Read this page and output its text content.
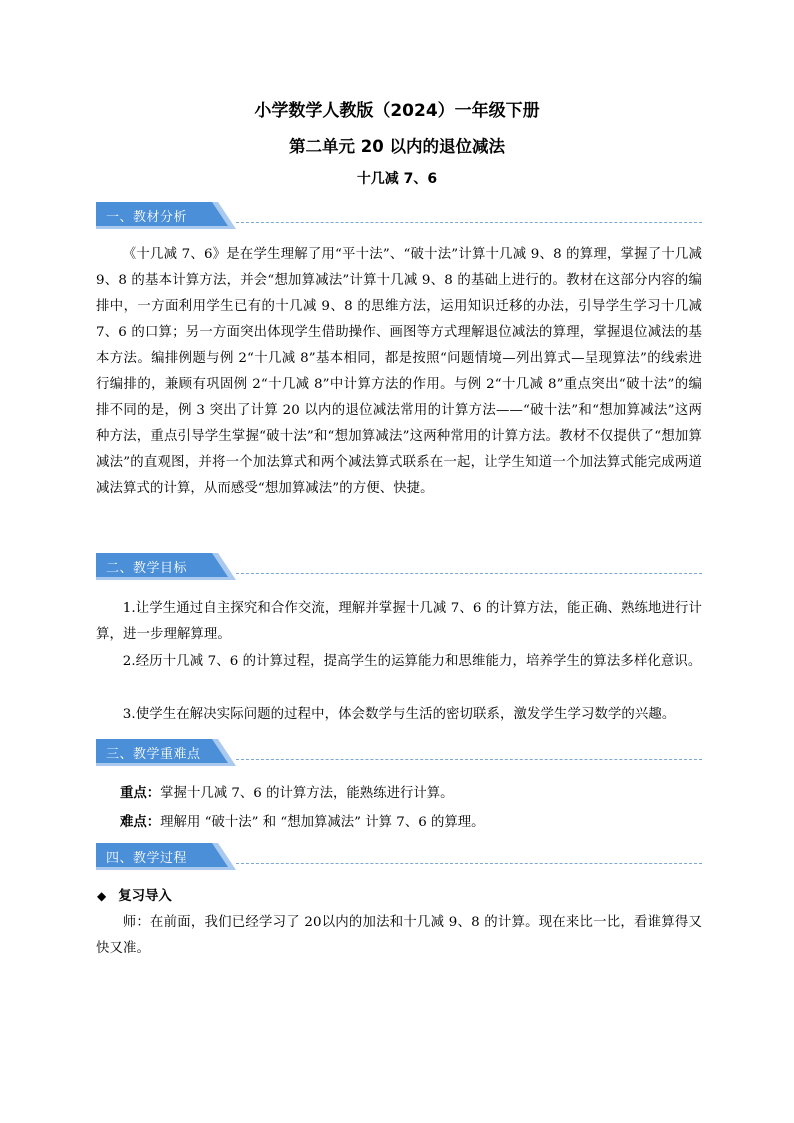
小学数学人教版（2024）一年级下册
第二单元 20 以内的退位减法
十几减 7、6
一、教材分析
《十几减 7、6》是在学生理解了用“平十法”、“破十法”计算十几减 9、8 的算理，掌握了十几减 9、8 的基本计算方法，并会“想加算减法”计算十几减 9、8 的基础上进行的。教材在这部分内容的编排中，一方面利用学生已有的十几减 9、8 的思维方法，运用知识迁移的办法，引导学生学习十几减 7、6 的口算；另一方面突出体现学生借助操作、画图等方式理解退位减法的算理，掌握退位减法的基本方法。编排例题与例 2“十几减 8”基本相同，都是按照“问题情境—列出算式—呈现算法”的线索进行编排的，兼顾有巩固例 2“十几减 8”中计算方法的作用。与例 2“十几减 8”重点突出“破十法”的编排不同的是，例 3 突出了计算 20 以内的退位减法常用的计算方法——“破十法”和“想加算减法”这两种方法，重点引导学生掌握“破十法”和“想加算减法”这两种常用的计算方法。教材不仅提供了“想加算减法”的直观图，并将一个加法算式和两个减法算式联系在一起，让学生知道一个加法算式能完成两道减法算式的计算，从而感受“想加算减法”的方便、快捷。
二、教学目标
1.让学生通过自主探究和合作交流，理解并掌握十几减 7、6 的计算方法，能正确、熟练地进行计算，进一步理解算理。
2.经历十几减 7、6 的计算过程，提高学生的运算能力和思维能力，培养学生的算法多样化意识。
3.使学生在解决实际问题的过程中，体会数学与生活的密切联系，激发学生学习数学的兴趣。
三、教学重难点
重点：掌握十几减 7、6 的计算方法，能熟练进行计算。
难点：理解用 “破十法” 和 “想加算减法” 计算 7、6 的算理。
四、教学过程
◆ 复习导入
师：在前面，我们已经学习了 20以内的加法和十几减 9、8 的计算。现在来比一比，看谁算得又快又准。
